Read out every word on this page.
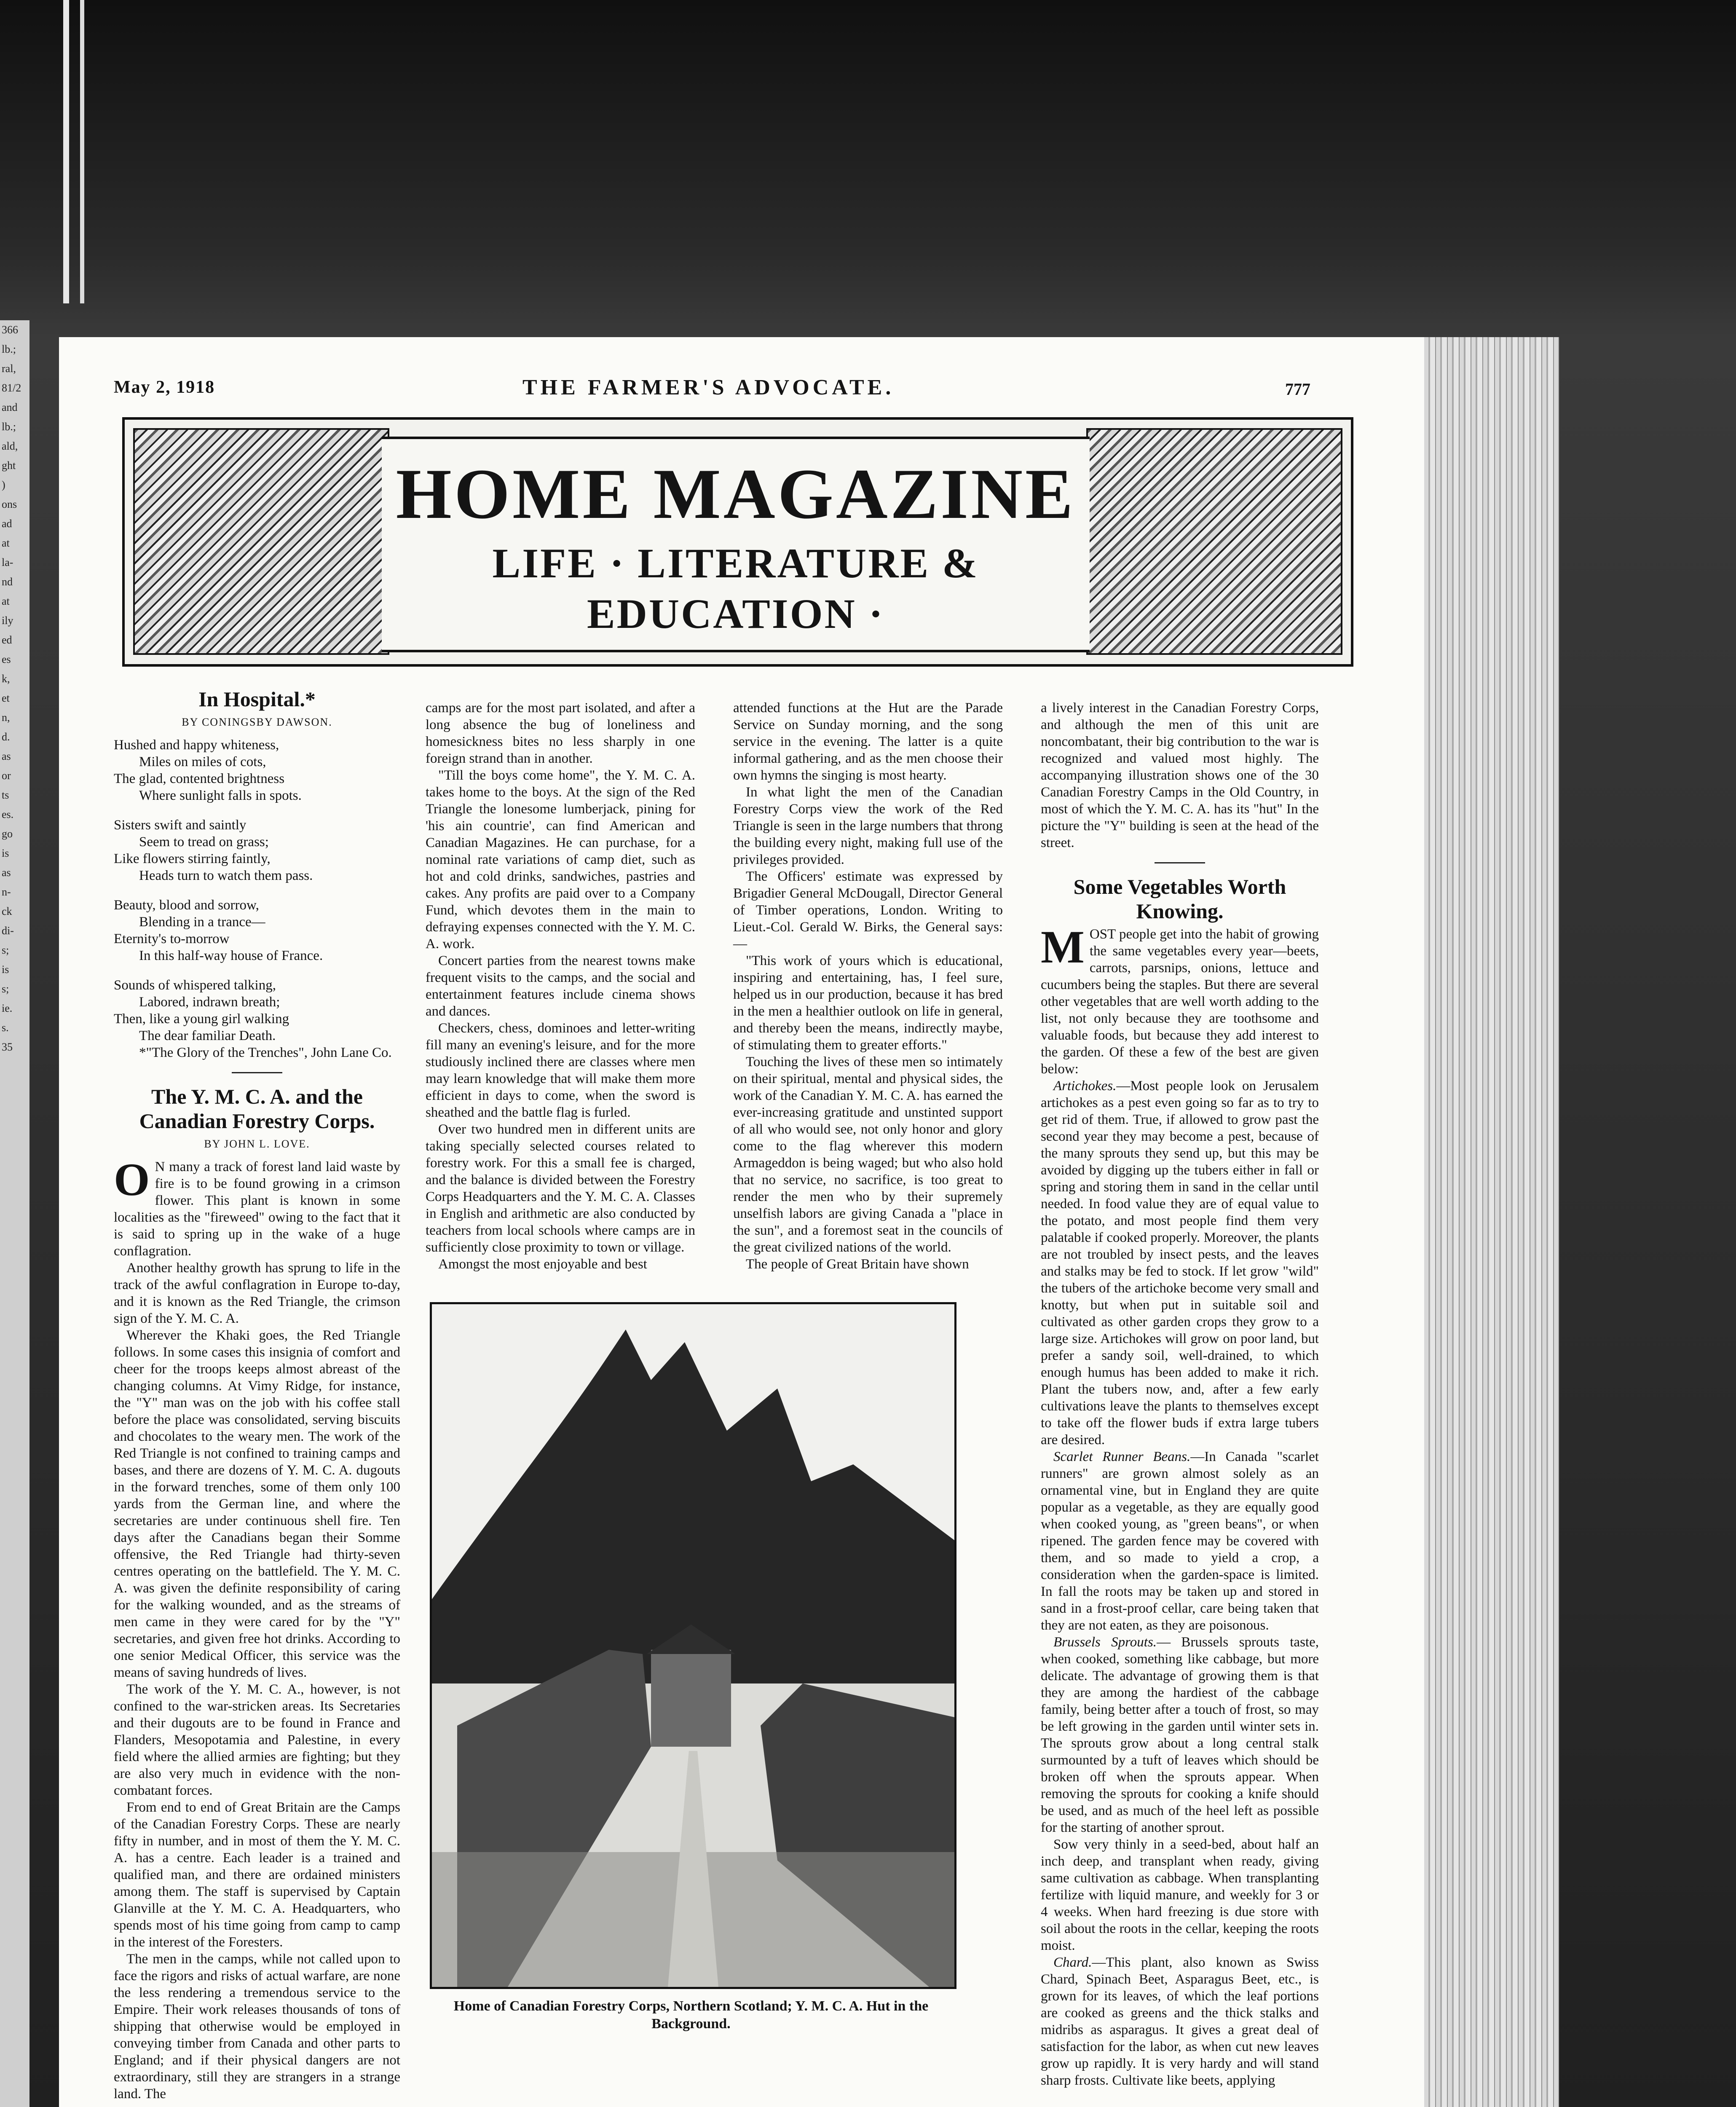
366
lb.;
ral,
81/2
and
lb.;
ald,
ght
)
ons
ad
at
la-
nd
at
ily
ed
es
k,
et
n,
d.
as
or
ts
es.
go
is
as
n-
ck
di-
s;
is
s;
ie.
s.
35
May 2, 1918	THE FARMER'S ADVOCATE.	777
HOME MAGAZINE
LIFE · LITERATURE &
EDUCATION ·
In Hospital.*
BY CONINGSBY DAWSON.
Hushed and happy whiteness,
Miles on miles of cots,
The glad, contented brightness
Where sunlight falls in spots.
Sisters swift and saintly
Seem to tread on grass;
Like flowers stirring faintly,
Heads turn to watch them pass.
Beauty, blood and sorrow,
Blending in a trance—
Eternity's to-morrow
In this half-way house of France.
Sounds of whispered talking,
Labored, indrawn breath;
Then, like a young girl walking
The dear familiar Death.
*"The Glory of the Trenches", John Lane Co.
The Y. M. C. A. and the Canadian Forestry Corps.
BY JOHN L. LOVE.

O N many a track of forest land laid waste by fire is to be found growing in a crimson flower. This plant is known in some localities as the "fireweed" owing to the fact that it is said to spring up in the wake of a huge conflagration.

Another healthy growth has sprung to life in the track of the awful conflagration in Europe to-day, and it is known as the Red Triangle, the crimson sign of the Y. M. C. A.

Wherever the Khaki goes, the Red Triangle follows. In some cases this insignia of comfort and cheer for the troops keeps almost abreast of the changing columns. At Vimy Ridge, for instance, the "Y" man was on the job with his coffee stall before the place was consolidated, serving biscuits and chocolates to the weary men. The work of the Red Triangle is not confined to training camps and bases, and there are dozens of Y. M. C. A. dugouts in the forward trenches, some of them only 100 yards from the German line, and where the secretaries are under continuous shell fire. Ten days after the Canadians began their Somme offensive, the Red Triangle had thirty-seven centres operating on the battlefield. The Y. M. C. A. was given the definite responsibility of caring for the walking wounded, and as the streams of men came in they were cared for by the "Y" secretaries, and given free hot drinks. According to one senior Medical Officer, this service was the means of saving hundreds of lives.

The work of the Y. M. C. A., however, is not confined to the war-stricken areas. Its Secretaries and their dugouts are to be found in France and Flanders, Mesopotamia and Palestine, in every field where the allied armies are fighting; but they are also very much in evidence with the non-combatant forces.

From end to end of Great Britain are the Camps of the Canadian Forestry Corps. These are nearly fifty in number, and in most of them the Y. M. C. A. has a centre. Each leader is a trained and qualified man, and there are ordained ministers among them. The staff is supervised by Captain Glanville at the Y. M. C. A. Headquarters, who spends most of his time going from camp to camp in the interest of the Foresters.

The men in the camps, while not called upon to face the rigors and risks of actual warfare, are none the less rendering a tremendous service to the Empire. Their work releases thousands of tons of shipping that otherwise would be employed in conveying timber from Canada and other parts to England; and if their physical dangers are not extraordinary, still they are strangers in a strange land. The

camps are for the most part isolated, and after a long absence the bug of loneliness and homesickness bites no less sharply in one foreign strand than in another.

"Till the boys come home", the Y. M. C. A. takes home to the boys. At the sign of the Red Triangle the lonesome lumberjack, pining for 'his ain countrie', can find American and Canadian Magazines. He can purchase, for a nominal rate variations of camp diet, such as hot and cold drinks, sandwiches, pastries and cakes. Any profits are paid over to a Company Fund, which devotes them in the main to defraying expenses connected with the Y. M. C. A. work.

Concert parties from the nearest towns make frequent visits to the camps, and the social and entertainment features include cinema shows and dances.

Checkers, chess, dominoes and letter-writing fill many an evening's leisure, and for the more studiously inclined there are classes where men may learn knowledge that will make them more efficient in days to come, when the sword is sheathed and the battle flag is furled.

Over two hundred men in different units are taking specially selected courses related to forestry work. For this a small fee is charged, and the balance is divided between the Forestry Corps Headquarters and the Y. M. C. A. Classes in English and arithmetic are also conducted by teachers from local schools where camps are in sufficiently close proximity to town or village.

Amongst the most enjoyable and best

attended functions at the Hut are the Parade Service on Sunday morning, and the song service in the evening. The latter is a quite informal gathering, and as the men choose their own hymns the singing is most hearty.

In what light the men of the Canadian Forestry Corps view the work of the Red Triangle is seen in the large numbers that throng the building every night, making full use of the privileges provided.

The Officers' estimate was expressed by Brigadier General McDougall, Director General of Timber operations, London. Writing to Lieut.-Col. Gerald W. Birks, the General says:—

"This work of yours which is educational, inspiring and entertaining, has, I feel sure, helped us in our production, because it has bred in the men a healthier outlook on life in general, and thereby been the means, indirectly maybe, of stimulating them to greater efforts."

Touching the lives of these men so intimately on their spiritual, mental and physical sides, the work of the Canadian Y. M. C. A. has earned the ever-increasing gratitude and unstinted support of all who would see, not only honor and glory come to the flag wherever this modern Armageddon is being waged; but who also hold that no service, no sacrifice, is too great to render the men who by their supremely unselfish labors are giving Canada a "place in the sun", and a foremost seat in the councils of the great civilized nations of the world.

The people of Great Britain have shown

a lively interest in the Canadian Forestry Corps, and although the men of this unit are noncombatant, their big contribution to the war is recognized and valued most highly. The accompanying illustration shows one of the 30 Canadian Forestry Camps in the Old Country, in most of which the Y. M. C. A. has its "hut" In the picture the "Y" building is seen at the head of the street.

Some Vegetables Worth Knowing.

MOST people get into the habit of growing the same vegetables every year—beets, carrots, parsnips, onions, lettuce and cucumbers being the staples. But there are several other vegetables that are well worth adding to the list, not only because they are toothsome and valuable foods, but because they add interest to the garden. Of these a few of the best are given below:

Artichokes.—Most people look on Jerusalem artichokes as a pest even going so far as to try to get rid of them. True, if allowed to grow past the second year they may become a pest, because of the many sprouts they send up, but this may be avoided by digging up the tubers either in fall or spring and storing them in sand in the cellar until needed. In food value they are of equal value to the potato, and most people find them very palatable if cooked properly. Moreover, the plants are not troubled by insect pests, and the leaves and stalks may be fed to stock. If let grow "wild" the tubers of the artichoke become very small and knotty, but when put in suitable soil and cultivated as other garden crops they grow to a large size. Artichokes will grow on poor land, but prefer a sandy soil, well-drained, to which enough humus has been added to make it rich. Plant the tubers now, and, after a few early cultivations leave the plants to themselves except to take off the flower buds if extra large tubers are desired.

Scarlet Runner Beans.—In Canada "scarlet runners" are grown almost solely as an ornamental vine, but in England they are quite popular as a vegetable, as they are equally good when cooked young, as "green beans", or when ripened. The garden fence may be covered with them, and so made to yield a crop, a consideration when the garden-space is limited. In fall the roots may be taken up and stored in sand in a frost-proof cellar, care being taken that they are not eaten, as they are poisonous.

Brussels Sprouts.— Brussels sprouts taste, when cooked, something like cabbage, but more delicate. The advantage of growing them is that they are among the hardiest of the cabbage family, being better after a touch of frost, so may be left growing in the garden until winter sets in. The sprouts grow about a long central stalk surmounted by a tuft of leaves which should be broken off when the sprouts appear. When removing the sprouts for cooking a knife should be used, and as much of the heel left as possible for the starting of another sprout.

Sow very thinly in a seed-bed, about half an inch deep, and transplant when ready, giving same cultivation as cabbage. When transplanting fertilize with liquid manure, and weekly for 3 or 4 weeks. When hard freezing is due store with soil about the roots in the cellar, keeping the roots moist.

Chard.—This plant, also known as Swiss Chard, Spinach Beet, Asparagus Beet, etc., is grown for its leaves, of which the leaf portions are cooked as greens and the thick stalks and midribs as asparagus. It gives a great deal of satisfaction for the labor, as when cut new leaves grow up rapidly. It is very hardy and will stand sharp frosts. Cultivate like beets, applying

Home of Canadian Forestry Corps, Northern Scotland; Y. M. C. A. Hut in the Background.
